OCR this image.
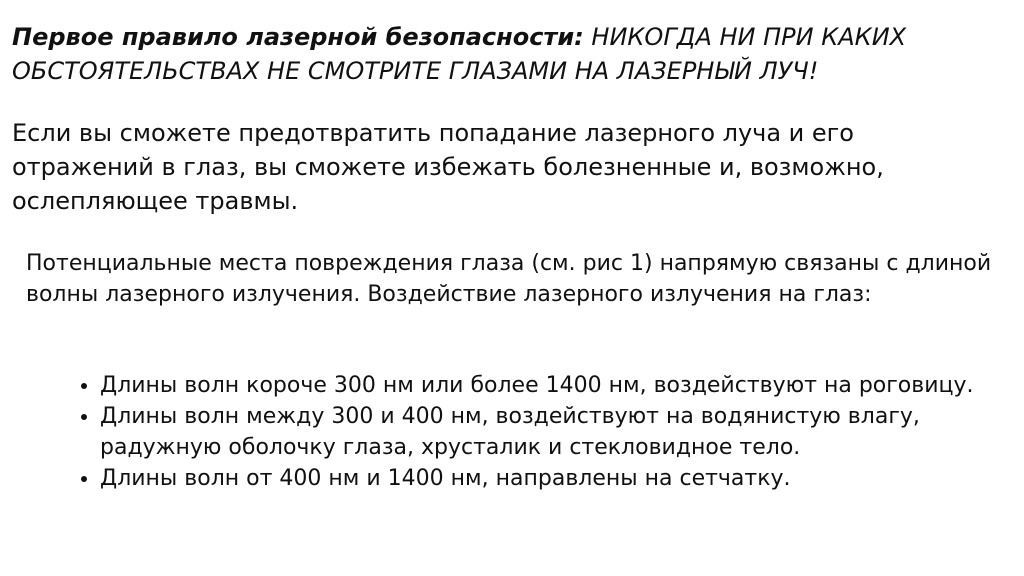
Первое правило лазерной безопасности: НИКОГДА НИ ПРИ КАКИХ ОБСТОЯТЕЛЬСТВАХ НЕ СМОТРИТЕ ГЛАЗАМИ НА ЛАЗЕРНЫЙ ЛУЧ!

Если вы сможете предотвратить попадание лазерного луча и его отражений в глаз, вы сможете избежать болезненные и, возможно, ослепляющее травмы.

Потенциальные места повреждения глаза (см. рис 1) напрямую связаны с длиной волны лазерного излучения. Воздействие лазерного излучения на глаз:

• Длины волн короче 300 нм или более 1400 нм, воздействуют на роговицу.
• Длины волн между 300 и 400 нм, воздействуют на водянистую влагу, радужную оболочку глаза, хрусталик и стекловидное тело.
• Длины волн от 400 нм и 1400 нм, направлены на сетчатку.
